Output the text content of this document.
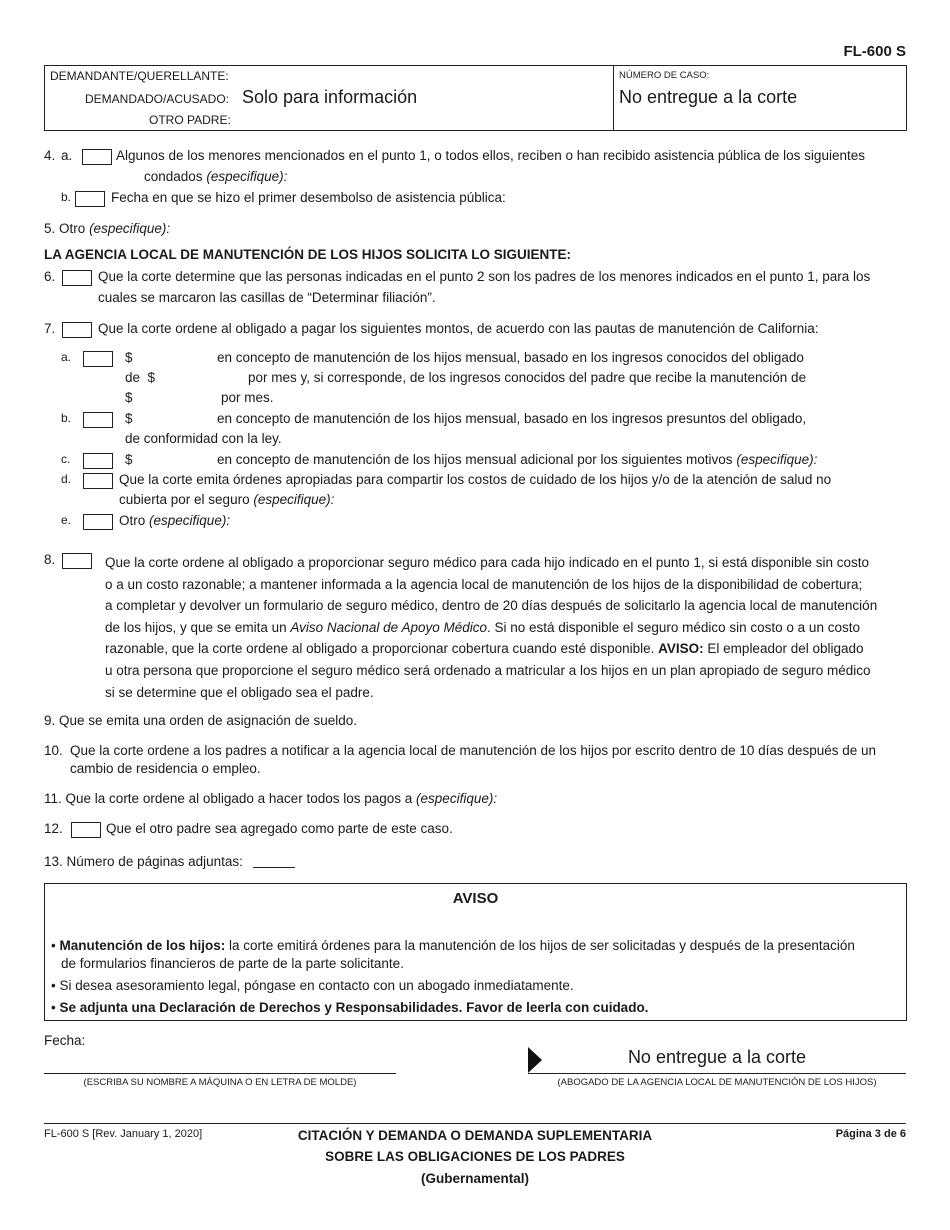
FL-600 S
DEMANDANTE/QUERELLANTE:
DEMANDADO/ACUSADO: Solo para información
OTRO PADRE:
NÚMERO DE CASO:
No entregue a la corte
4. a.	Algunos de los menores mencionados en el punto 1, o todos ellos, reciben o han recibido asistencia pública de los siguientes
condados (especifique):
b.	Fecha en que se hizo el primer desembolso de asistencia pública:
5. Otro (especifique):
LA AGENCIA LOCAL DE MANUTENCIÓN DE LOS HIJOS SOLICITA LO SIGUIENTE:
6.	Que la corte determine que las personas indicadas en el punto 2 son los padres de los menores indicados en el punto 1, para los
cuales se marcaron las casillas de “Determinar filiación”.
7.	Que la corte ordene al obligado a pagar los siguientes montos, de acuerdo con las pautas de manutención de California:
a.	$	en concepto de manutención de los hijos mensual, basado en los ingresos conocidos del obligado
de  $	por mes y, si corresponde, de los ingresos conocidos del padre que recibe la manutención de
$	por mes.
b.	$	en concepto de manutención de los hijos mensual, basado en los ingresos presuntos del obligado,
de conformidad con la ley.
c.	$	en concepto de manutención de los hijos mensual adicional por los siguientes motivos (especifique):
d.	Que la corte emita órdenes apropiadas para compartir los costos de cuidado de los hijos y/o de la atención de salud no
cubierta por el seguro (especifique):
e.	Otro (especifique):
8.	Que la corte ordene al obligado a proporcionar seguro médico para cada hijo indicado en el punto 1, si está disponible sin costo
o a un costo razonable; a mantener informada a la agencia local de manutención de los hijos de la disponibilidad de cobertura;
a completar y devolver un formulario de seguro médico, dentro de 20 días después de solicitarlo la agencia local de manutención
de los hijos, y que se emita un Aviso Nacional de Apoyo Médico. Si no está disponible el seguro médico sin costo o a un costo
razonable, que la corte ordene al obligado a proporcionar cobertura cuando esté disponible. AVISO: El empleador del obligado
u otra persona que proporcione el seguro médico será ordenado a matricular a los hijos en un plan apropiado de seguro médico
si se determine que el obligado sea el padre.
9. Que se emita una orden de asignación de sueldo.
10. Que la corte ordene a los padres a notificar a la agencia local de manutención de los hijos por escrito dentro de 10 días después de un
cambio de residencia o empleo.
11. Que la corte ordene al obligado a hacer todos los pagos a (especifique):
12.	Que el otro padre sea agregado como parte de este caso.
13. Número de páginas adjuntas:
AVISO
• Manutención de los hijos: la corte emitirá órdenes para la manutención de los hijos de ser solicitadas y después de la presentación
de formularios financieros de parte de la parte solicitante.
• Si desea asesoramiento legal, póngase en contacto con un abogado inmediatamente.
• Se adjunta una Declaración de Derechos y Responsabilidades. Favor de leerla con cuidado.
Fecha:
(ESCRIBA SU NOMBRE A MÁQUINA O EN LETRA DE MOLDE)
No entregue a la corte
(ABOGADO DE LA AGENCIA LOCAL DE MANUTENCIÓN DE LOS HIJOS)
FL-600 S [Rev. January 1, 2020]	CITACIÓN Y DEMANDA O DEMANDA SUPLEMENTARIA
SOBRE LAS OBLIGACIONES DE LOS PADRES
(Gubernamental)
Página 3 de 6
